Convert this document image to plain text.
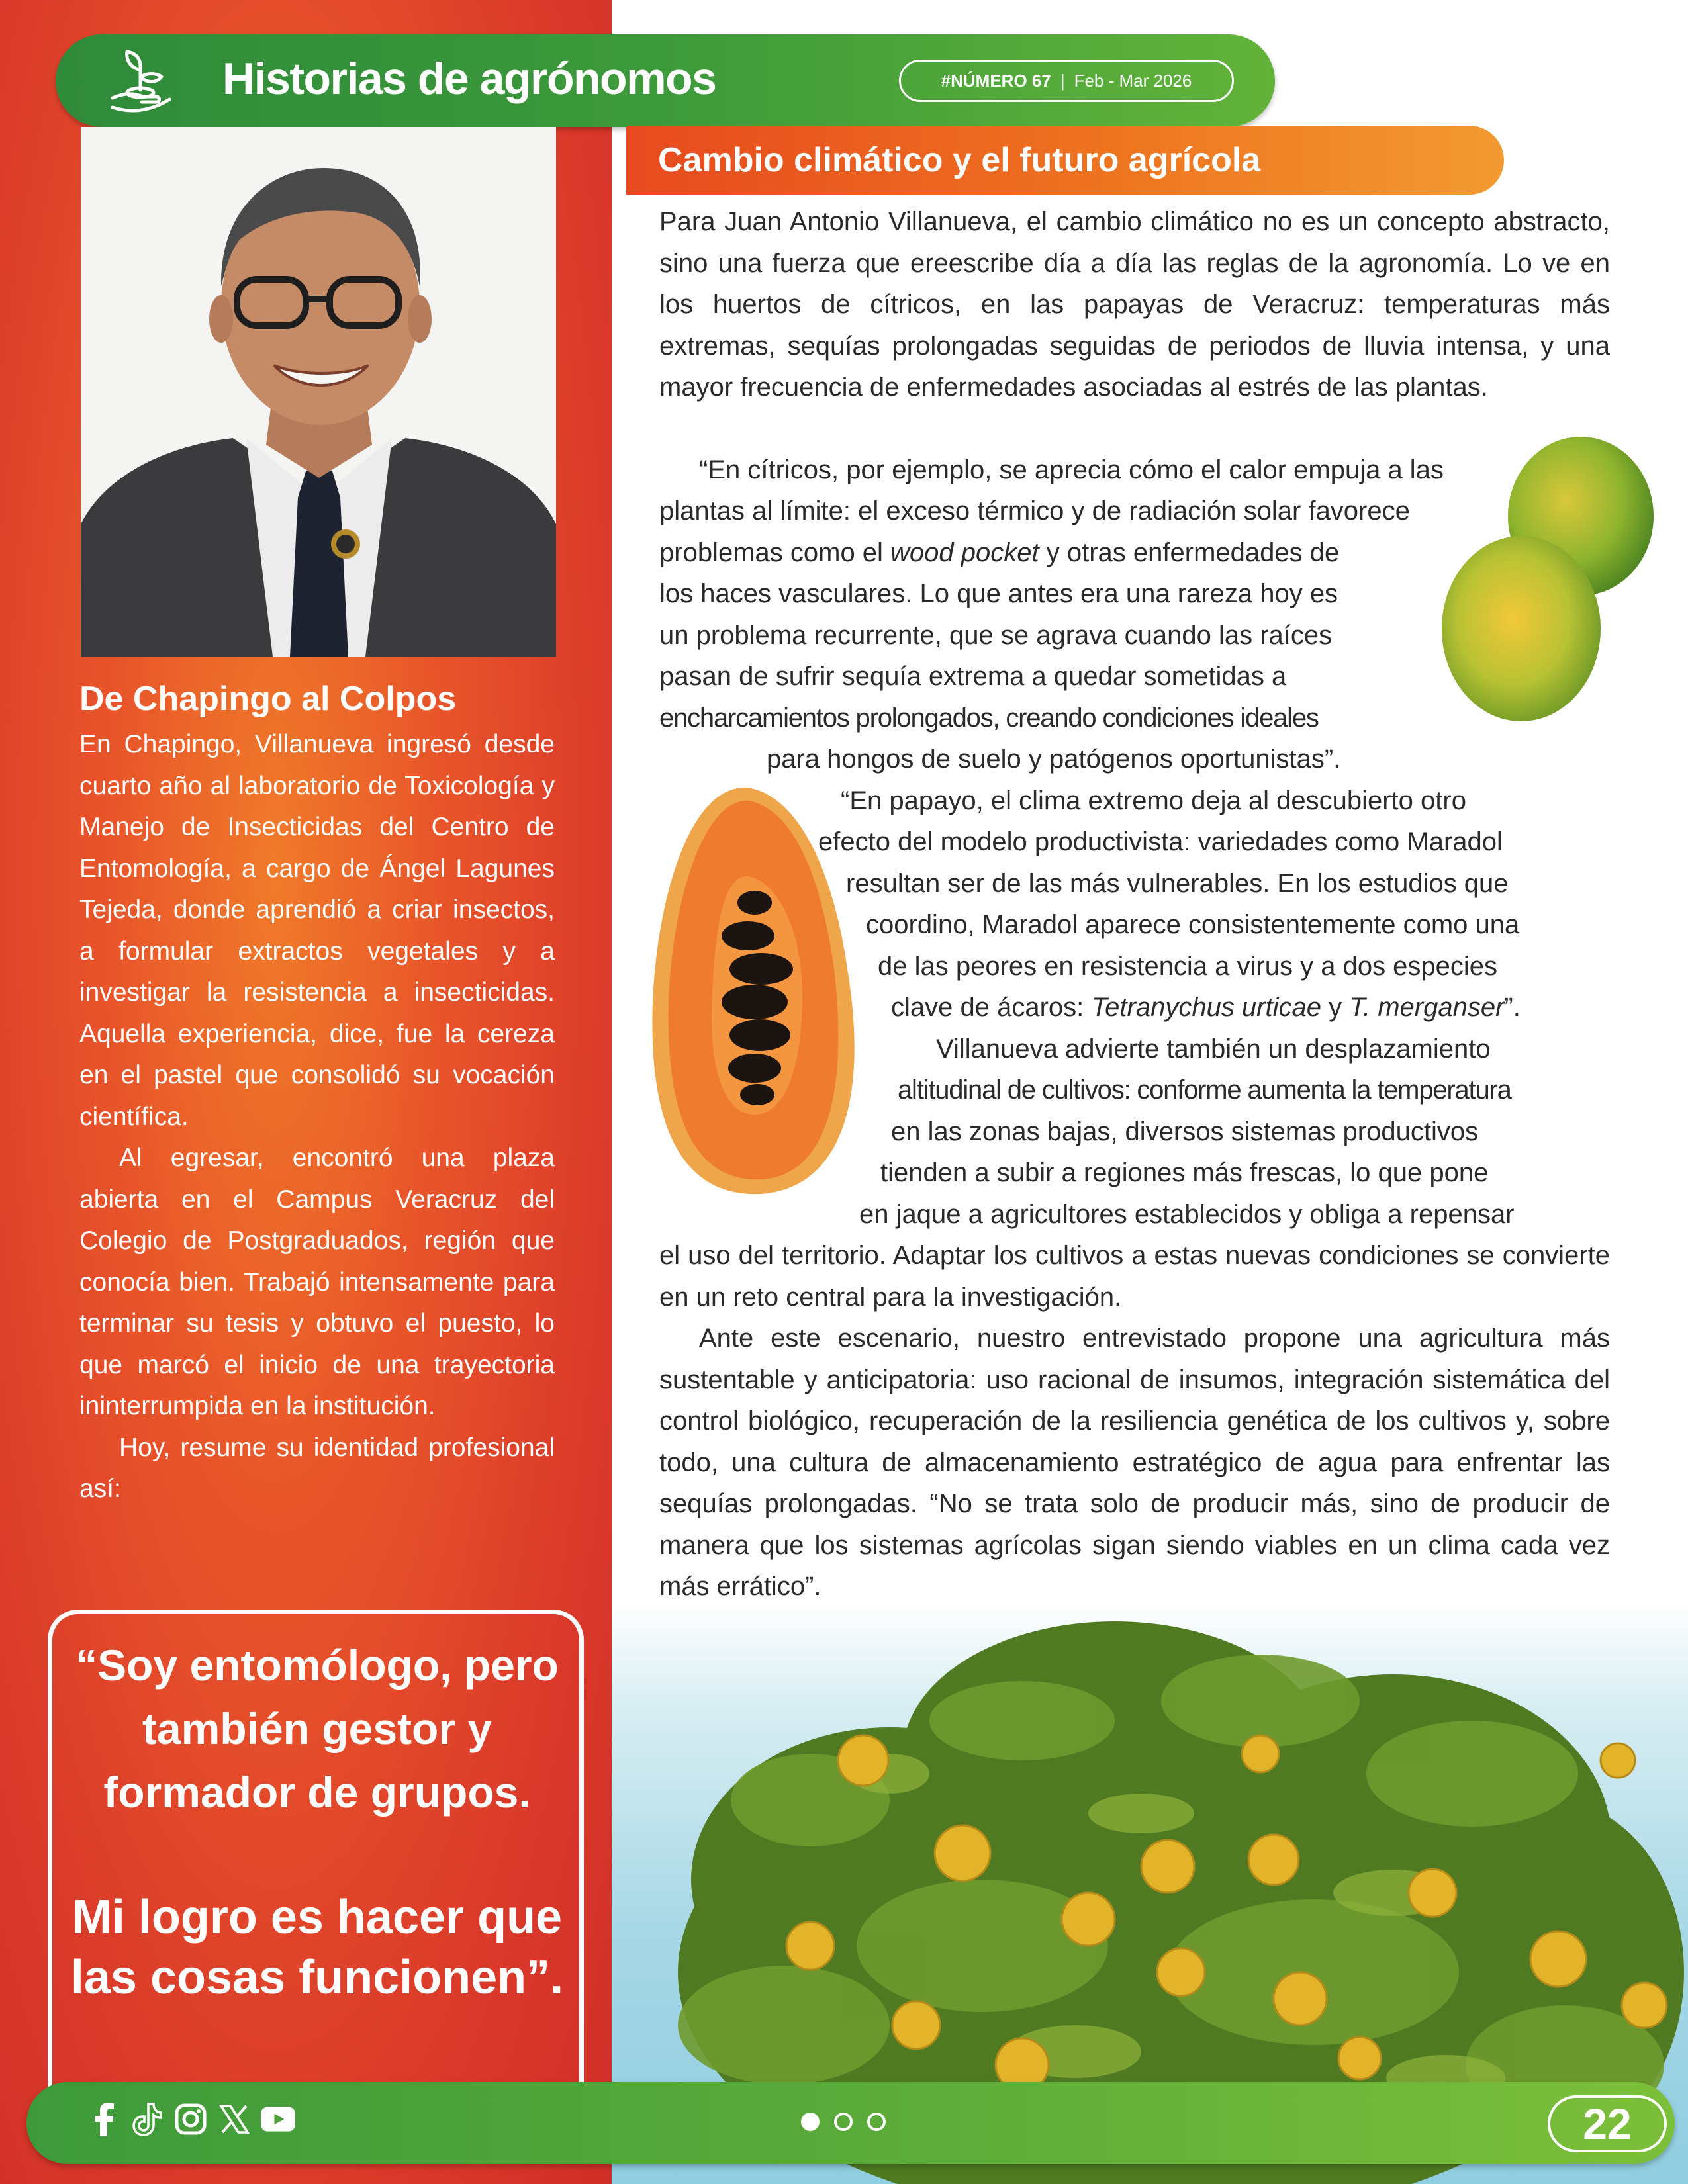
Historias de agrónomos	#NÚMERO 67 | Feb - Mar 2026
De Chapingo al Colpos

En Chapingo, Villanueva ingresó desde cuarto año al laboratorio de Toxicología y Manejo de Insecticidas del Centro de Entomología, a cargo de Ángel Lagunes Tejeda, donde aprendió a criar insectos, a formular extractos vegetales y a investigar la resistencia a insecticidas. Aquella experiencia, dice, fue la cereza en el pastel que consolidó su vocación científica.

Al egresar, encontró una plaza abierta en el Campus Veracruz del Colegio de Postgraduados, región que conocía bien. Trabajó intensamente para terminar su tesis y obtuvo el puesto, lo que marcó el inicio de una trayectoria ininterrumpida en la institución.

Hoy, resume su identidad profesional así:

“Soy entomólogo, pero también gestor y formador de grupos.
Mi logro es hacer que las cosas funcionen”.
Cambio climático y el futuro agrícola

Para Juan Antonio Villanueva, el cambio climático no es un concepto abstracto, sino una fuerza que ereescribe día a día las reglas de la agronomía. Lo ve en los huertos de cítricos, en las papayas de Veracruz: temperaturas más extremas, sequías prolongadas seguidas de periodos de lluvia intensa, y una mayor frecuencia de enfermedades asociadas al estrés de las plantas.

“En cítricos, por ejemplo, se aprecia cómo el calor empuja a las

plantas al límite: el exceso térmico y de radiación solar favorece

problemas como el wood pocket y otras enfermedades de

los haces vasculares. Lo que antes era una rareza hoy es

un problema recurrente, que se agrava cuando las raíces

pasan de sufrir sequía extrema a quedar sometidas a

encharcamientos prolongados, creando condiciones ideales

para hongos de suelo y patógenos oportunistas”.

“En papayo, el clima extremo deja al descubierto otro

efecto del modelo productivista: variedades como Maradol

resultan ser de las más vulnerables. En los estudios que

coordino, Maradol aparece consistentemente como una

de las peores en resistencia a virus y a dos especies

clave de ácaros: Tetranychus urticae y T. merganser”.

Villanueva advierte también un desplazamiento

altitudinal de cultivos: conforme aumenta la temperatura

en las zonas bajas, diversos sistemas productivos

tienden a subir a regiones más frescas, lo que pone

en jaque a agricultores establecidos y obliga a repensar

el uso del territorio. Adaptar los cultivos a estas nuevas condiciones se convierte en un reto central para la investigación.

Ante este escenario, nuestro entrevistado propone una agricultura más sustentable y anticipatoria: uso racional de insumos, integración sistemática del control biológico, recuperación de la resiliencia genética de los cultivos y, sobre todo, una cultura de almacenamiento estratégico de agua para enfrentar las sequías prolongadas. “No se trata solo de producir más, sino de producir de manera que los sistemas agrícolas sigan siendo viables en un clima cada vez más errático”.

22
